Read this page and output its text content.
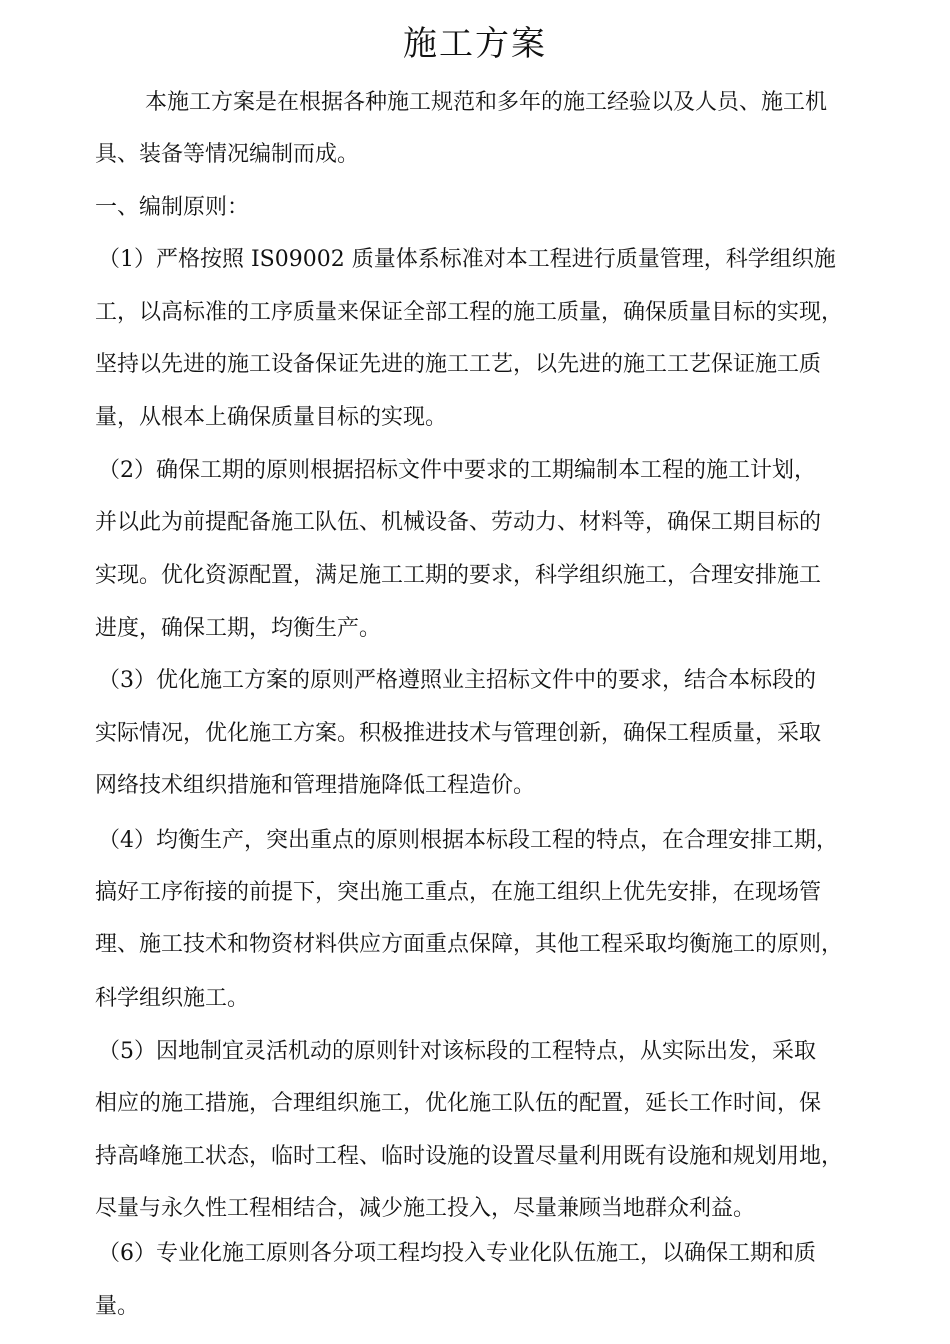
施工方案

本施工方案是在根据各种施工规范和多年的施工经验以及人员、施工机

具、装备等情况编制而成。

一、编制原则：

（1）严格按照 IS09002 质量体系标准对本工程进行质量管理，科学组织施

工，以高标准的工序质量来保证全部工程的施工质量，确保质量目标的实现，

坚持以先进的施工设备保证先进的施工工艺，以先进的施工工艺保证施工质

量，从根本上确保质量目标的实现。

（2）确保工期的原则根据招标文件中要求的工期编制本工程的施工计划，

并以此为前提配备施工队伍、机械设备、劳动力、材料等，确保工期目标的

实现。优化资源配置，满足施工工期的要求，科学组织施工，合理安排施工

进度，确保工期，均衡生产。

（3）优化施工方案的原则严格遵照业主招标文件中的要求，结合本标段的

实际情况，优化施工方案。积极推进技术与管理创新，确保工程质量，采取

网络技术组织措施和管理措施降低工程造价。

（4）均衡生产，突出重点的原则根据本标段工程的特点，在合理安排工期，

搞好工序衔接的前提下，突出施工重点，在施工组织上优先安排，在现场管

理、施工技术和物资材料供应方面重点保障，其他工程采取均衡施工的原则，

科学组织施工。

（5）因地制宜灵活机动的原则针对该标段的工程特点，从实际出发，采取

相应的施工措施，合理组织施工，优化施工队伍的配置，延长工作时间，保

持高峰施工状态，临时工程、临时设施的设置尽量利用既有设施和规划用地，

尽量与永久性工程相结合，减少施工投入，尽量兼顾当地群众利益。

（6）专业化施工原则各分项工程均投入专业化队伍施工，以确保工期和质

量。
